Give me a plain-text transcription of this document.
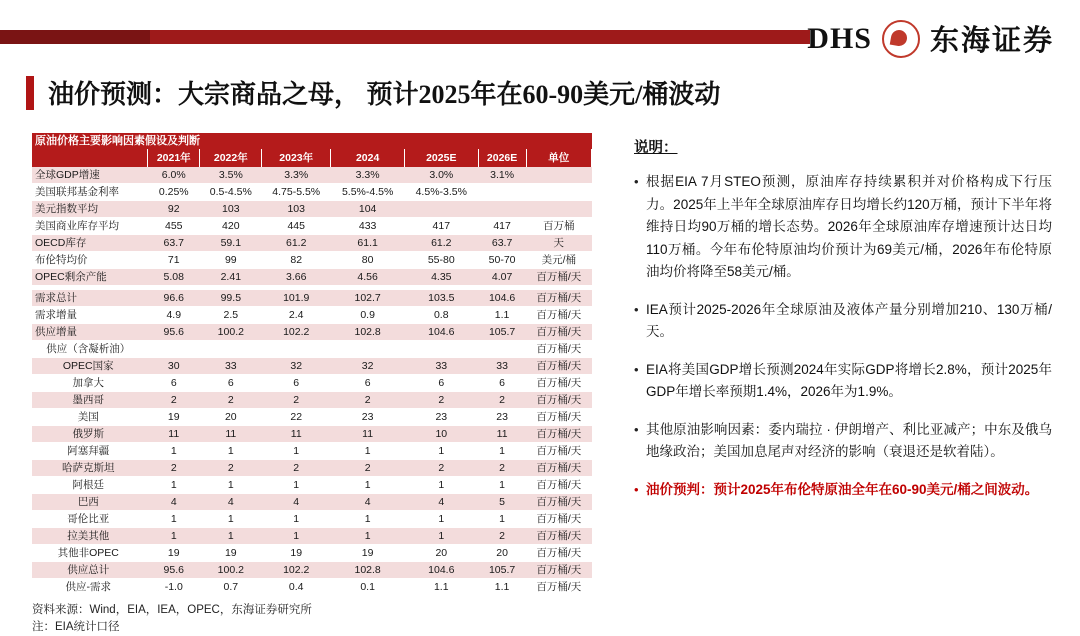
DHS 东海证券
油价预测：大宗商品之母， 预计2025年在60-90美元/桶波动
原油价格主要影响因素假设及判断							
	2021年	2022年	2023年	2024	2025E	2026E	单位
全球GDP增速	6.0%	3.5%	3.3%	3.3%	3.0%	3.1%	
美国联邦基金利率	0.25%	0.5-4.5%	4.75-5.5%	5.5%-4.5%	4.5%-3.5%		
美元指数平均	92	103	103	104			
美国商业库存平均	455	420	445	433	417	417	百万桶
OECD库存	63.7	59.1	61.2	61.1	61.2	63.7	天
布伦特均价	71	99	82	80	55-80	50-70	美元/桶
OPEC剩余产能	5.08	2.41	3.66	4.56	4.35	4.07	百万桶/天

需求总计	96.6	99.5	101.9	102.7	103.5	104.6	百万桶/天
需求增量	4.9	2.5	2.4	0.9	0.8	1.1	百万桶/天
供应增量	95.6	100.2	102.2	102.8	104.6	105.7	百万桶/天
供应（含凝析油）							百万桶/天
OPEC国家	30	33	32	32	33	33	百万桶/天
加拿大	6	6	6	6	6	6	百万桶/天
墨西哥	2	2	2	2	2	2	百万桶/天
美国	19	20	22	23	23	23	百万桶/天
俄罗斯	11	11	11	11	10	11	百万桶/天
阿塞拜疆	1	1	1	1	1	1	百万桶/天
哈萨克斯坦	2	2	2	2	2	2	百万桶/天
阿根廷	1	1	1	1	1	1	百万桶/天
巴西	4	4	4	4	4	5	百万桶/天
哥伦比亚	1	1	1	1	1	1	百万桶/天
拉美其他	1	1	1	1	1	2	百万桶/天
其他非OPEC	19	19	19	19	20	20	百万桶/天
供应总计	95.6	100.2	102.2	102.8	104.6	105.7	百万桶/天
供应-需求	-1.0	0.7	0.4	0.1	1.1	1.1	百万桶/天
资料来源：Wind，EIA，IEA，OPEC，东海证券研究所
注：EIA统计口径
说明：
• 根据EIA 7月STEO预测，原油库存持续累积并对价格构成下行压力。2025年上半年全球原油库存日均增长约120万桶，预计下半年将维持日均90万桶的增长态势。2026年全球原油库存增速预计达日均110万桶。今年布伦特原油均价预计为69美元/桶，2026年布伦特原油均价将降至58美元/桶。
• IEA预计2025-2026年全球原油及液体产量分别增加210、130万桶/天。
• EIA将美国GDP增长预测2024年实际GDP将增长2.8%，预计2025年GDP年增长率预期1.4%，2026年为1.9%。
• 其他原油影响因素：委内瑞拉 · 伊朗增产、利比亚减产；中东及俄乌地缘政治；美国加息尾声对经济的影响（衰退还是软着陆）。
• 油价预判：预计2025年布伦特原油全年在60-90美元/桶之间波动。
